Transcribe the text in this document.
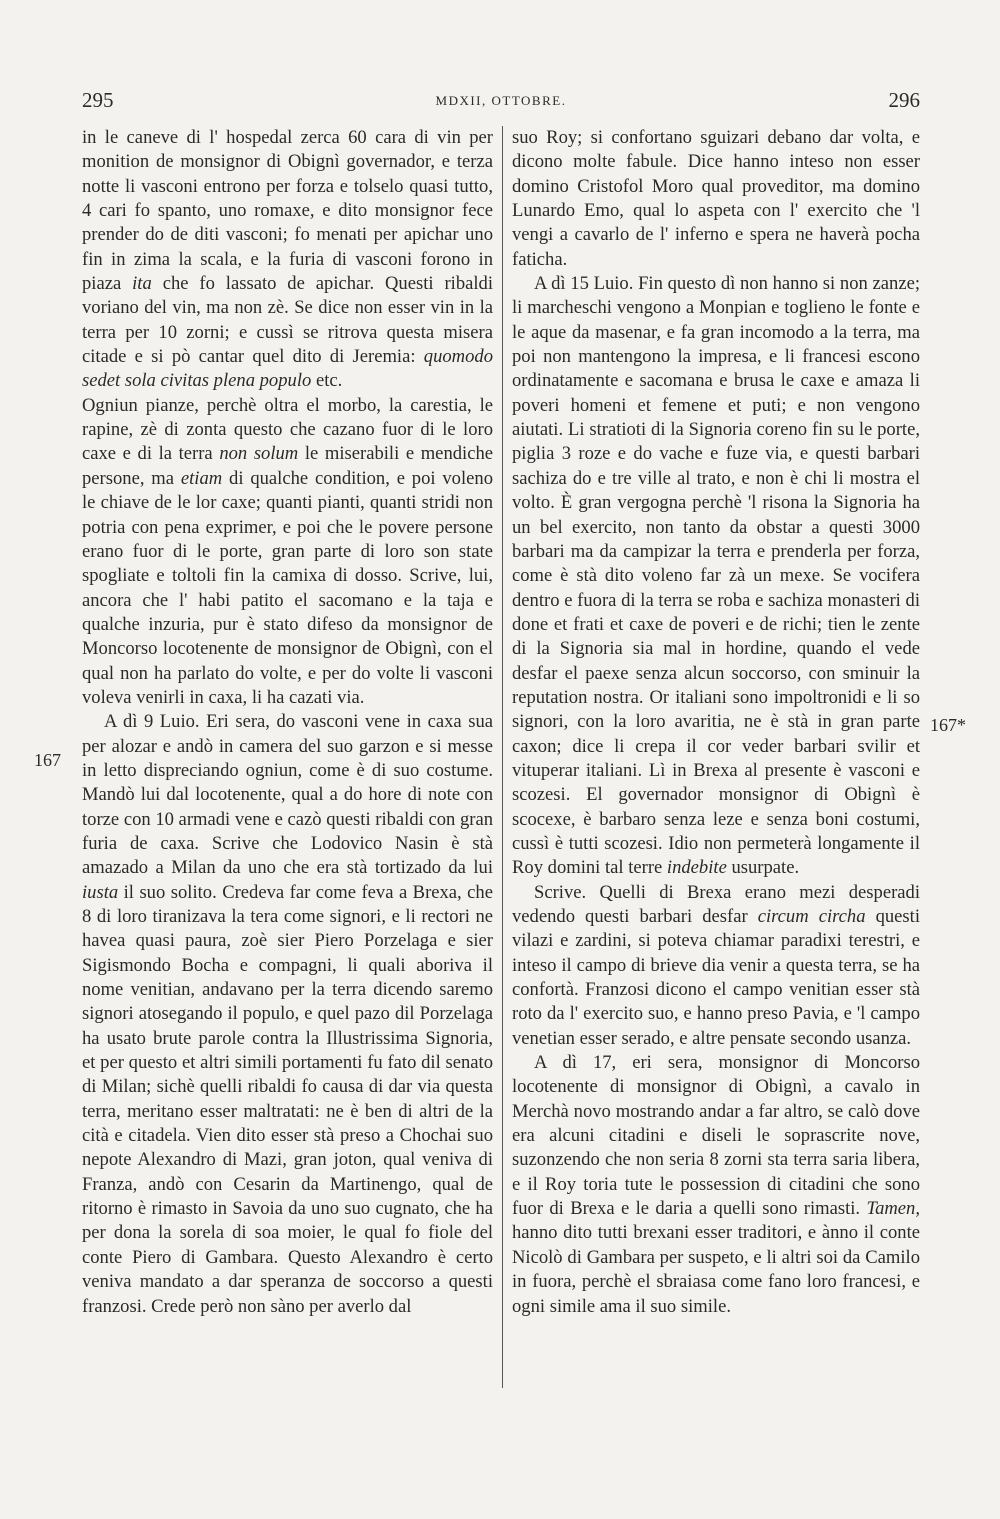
295	MDXII, OTTOBRE.	296
167
167*

in le caneve di l' hospedal zerca 60 cara di vin per monition de monsignor di Obignì governador, e terza notte li vasconi entrono per forza e tolselo quasi tutto, 4 cari fo spanto, uno romaxe, e dito monsignor fece prender do de diti vasconi; fo menati per apichar uno fin in zima la scala, e la furia di vasconi forono in piaza ita che fo lassato de apichar. Questi ribaldi voriano del vin, ma non zè. Se dice non esser vin in la terra per 10 zorni; e cussì se ritrova questa misera citade e si pò cantar quel dito di Jeremia: quomodo sedet sola civitas plena populo etc.

Ogniun pianze, perchè oltra el morbo, la carestia, le rapine, zè di zonta questo che cazano fuor di le loro caxe e di la terra non solum le miserabili e mendiche persone, ma etiam di qualche condition, e poi voleno le chiave de le lor caxe; quanti pianti, quanti stridi non potria con pena exprimer, e poi che le povere persone erano fuor di le porte, gran parte di loro son state spogliate e toltoli fin la camixa di dosso. Scrive, lui, ancora che l' habi patito el sacomano e la taja e qualche inzuria, pur è stato difeso da monsignor de Moncorso locotenente de monsignor de Obignì, con el qual non ha parlato do volte, e per do volte li vasconi voleva venirli in caxa, li ha cazati via.

A dì 9 Luio. Eri sera, do vasconi vene in caxa sua per alozar e andò in camera del suo garzon e si messe in letto dispreciando ogniun, come è di suo costume. Mandò lui dal locotenente, qual a do hore di note con torze con 10 armadi vene e cazò questi ribaldi con gran furia de caxa. Scrive che Lodovico Nasin è stà amazado a Milan da uno che era stà tortizado da lui iusta il suo solito. Credeva far come feva a Brexa, che 8 di loro tiranizava la tera come signori, e li rectori ne havea quasi paura, zoè sier Piero Porzelaga e sier Sigismondo Bocha e compagni, li quali aboriva il nome venitian, andavano per la terra dicendo saremo signori atosegando il populo, e quel pazo dil Porzelaga ha usato brute parole contra la Illustrissima Signoria, et per questo et altri simili portamenti fu fato dil senato di Milan; sichè quelli ribaldi fo causa di dar via questa terra, meritano esser maltratati: ne è ben di altri de la cità e citadela. Vien dito esser stà preso a Chochai suo nepote Alexandro di Mazi, gran joton, qual veniva di Franza, andò con Cesarin da Martinengo, qual de ritorno è rimasto in Savoia da uno suo cugnato, che ha per dona la sorela di soa moier, le qual fo fiole del conte Piero di Gambara. Questo Alexandro è certo veniva mandato a dar speranza de soccorso a questi franzosi. Crede però non sàno per averlo dal

suo Roy; si confortano sguizari debano dar volta, e dicono molte fabule. Dice hanno inteso non esser domino Cristofol Moro qual proveditor, ma domino Lunardo Emo, qual lo aspeta con l' exercito che 'l vengi a cavarlo de l' inferno e spera ne haverà pocha faticha.

A dì 15 Luio. Fin questo dì non hanno si non zanze; li marcheschi vengono a Monpian e toglieno le fonte e le aque da masenar, e fa gran incomodo a la terra, ma poi non mantengono la impresa, e li francesi escono ordinatamente e sacomana e brusa le caxe e amaza li poveri homeni et femene et puti; e non vengono aiutati. Li stratioti di la Signoria coreno fin su le porte, piglia 3 roze e do vache e fuze via, e questi barbari sachiza do e tre ville al trato, e non è chi li mostra el volto. È gran vergogna perchè 'l risona la Signoria ha un bel exercito, non tanto da obstar a questi 3000 barbari ma da campizar la terra e prenderla per forza, come è stà dito voleno far zà un mexe. Se vocifera dentro e fuora di la terra se roba e sachiza monasteri di done et frati et caxe de poveri e de richi; tien le zente di la Signoria sia mal in hordine, quando el vede desfar el paexe senza alcun soccorso, con sminuir la reputation nostra. Or italiani sono impoltronidi e li so signori, con la loro avaritia, ne è stà in gran parte caxon; dice li crepa il cor veder barbari svilir et vituperar italiani. Lì in Brexa al presente è vasconi e scozesi. El governador monsignor di Obignì è scocexe, è barbaro senza leze e senza boni costumi, cussì è tutti scozesi. Idio non permeterà longamente il Roy domini tal terre indebite usurpate.

Scrive. Quelli di Brexa erano mezi desperadi vedendo questi barbari desfar circum circha questi vilazi e zardini, si poteva chiamar paradixi terestri, e inteso il campo di brieve dia venir a questa terra, se ha confortà. Franzosi dicono el campo venitian esser stà roto da l' exercito suo, e hanno preso Pavia, e 'l campo venetian esser serado, e altre pensate secondo usanza.

A dì 17, eri sera, monsignor di Moncorso locotenente di monsignor di Obignì, a cavalo in Merchà novo mostrando andar a far altro, se calò dove era alcuni citadini e diseli le soprascrite nove, suzonzendo che non seria 8 zorni sta terra saria libera, e il Roy toria tute le possession di citadini che sono fuor di Brexa e le daria a quelli sono rimasti. Tamen, hanno dito tutti brexani esser traditori, e ànno il conte Nicolò di Gambara per suspeto, e li altri soi da Camilo in fuora, perchè el sbraiasa come fano loro francesi, e ogni simile ama il suo simile.
